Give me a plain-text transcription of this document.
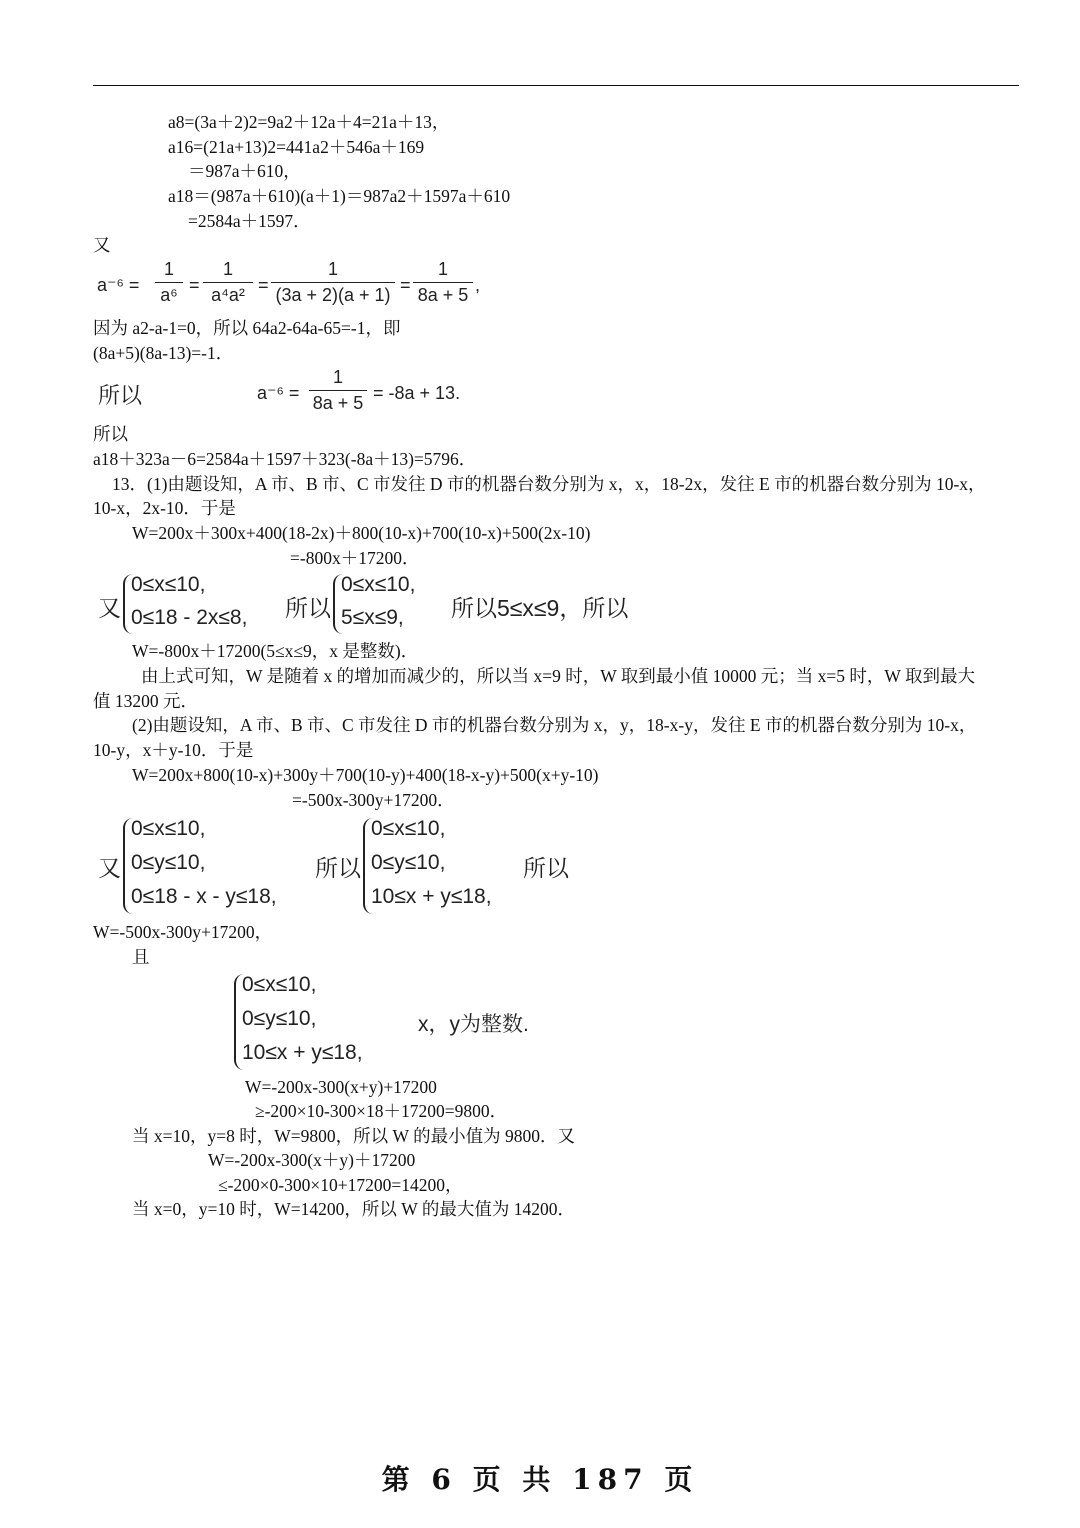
a8=(3a＋2)2=9a2＋12a＋4=21a＋13，
a16=(21a+13)2=441a2＋546a＋169
＝987a＋610，
a18＝(987a＋610)(a＋1)＝987a2＋1597a＋610
=2584a＋1597．
又
a⁻⁶ =
1
a⁶ =
1
a⁴a² =
1
(3a + 2)(a + 1) =
1
8a + 5 ,
因为 a2-a-1=0，所以 64a2-64a-65=-1，即
(8a+5)(8a-13)=-1．
所以	a⁻⁶ =
1
8a + 5 = -8a + 13.
所以
a18＋323a－6=2584a＋1597＋323(-8a＋13)=5796．
13．(1)由题设知，A 市、B 市、C 市发往 D 市的机器台数分别为 x，x，18-2x，发往 E 市的机器台数分别为 10-x，
10-x，2x-10．于是
W=200x＋300x+400(18-2x)＋800(10-x)+700(10-x)+500(2x-10)
=-800x＋17200．
又
0≤x≤10,
0≤18 - 2x≤8, 所以
0≤x≤10,
5≤x≤9, 所以5≤x≤9，所以
W=-800x＋17200(5≤x≤9，x 是整数)．
由上式可知，W 是随着 x 的增加而减少的，所以当 x=9 时，W 取到最小值 10000 元；当 x=5 时，W 取到最大
值 13200 元．
(2)由题设知，A 市、B 市、C 市发往 D 市的机器台数分别为 x，y，18-x-y，发往 E 市的机器台数分别为 10-x，
10-y，x＋y-10．于是
W=200x+800(10-x)+300y＋700(10-y)+400(18-x-y)+500(x+y-10)
=-500x-300y+17200．
又
0≤x≤10,
0≤y≤10,
0≤18 - x - y≤18,
所以
0≤x≤10,
0≤y≤10,
10≤x + y≤18,
所以
W=-500x-300y+17200，
且
0≤x≤10,
0≤y≤10,
10≤x + y≤18,
x，y为整数.
W=-200x-300(x+y)+17200
≥-200×10-300×18＋17200=9800．
当 x=10，y=8 时，W=9800，所以 W 的最小值为 9800．又
W=-200x-300(x＋y)＋17200
≤-200×0-300×10+17200=14200，
当 x=0，y=10 时，W=14200，所以 W 的最大值为 14200．
第 6 页 共 187 页
